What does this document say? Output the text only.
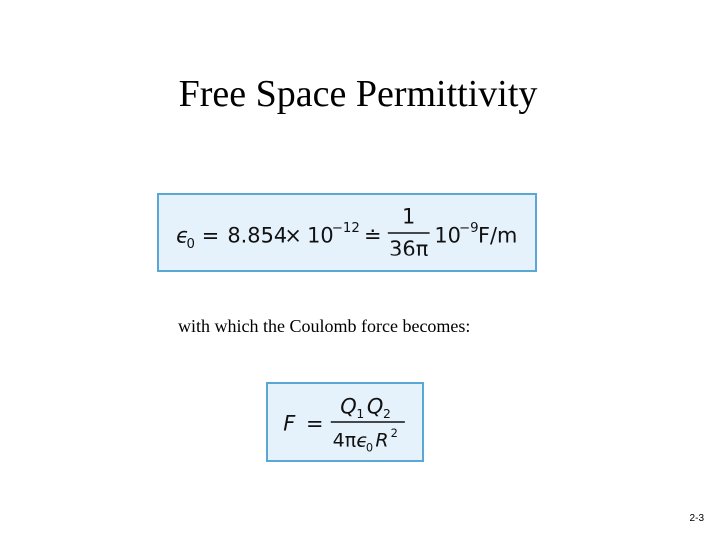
Free Space Permittivity
ϵ
0 = 8.854
× 10
−12 ≐
1
36π
10
−9 F/m
with which the Coulomb force becomes:
F =
Q 1 Q 2
4π ϵ
0 R 2
2-3
